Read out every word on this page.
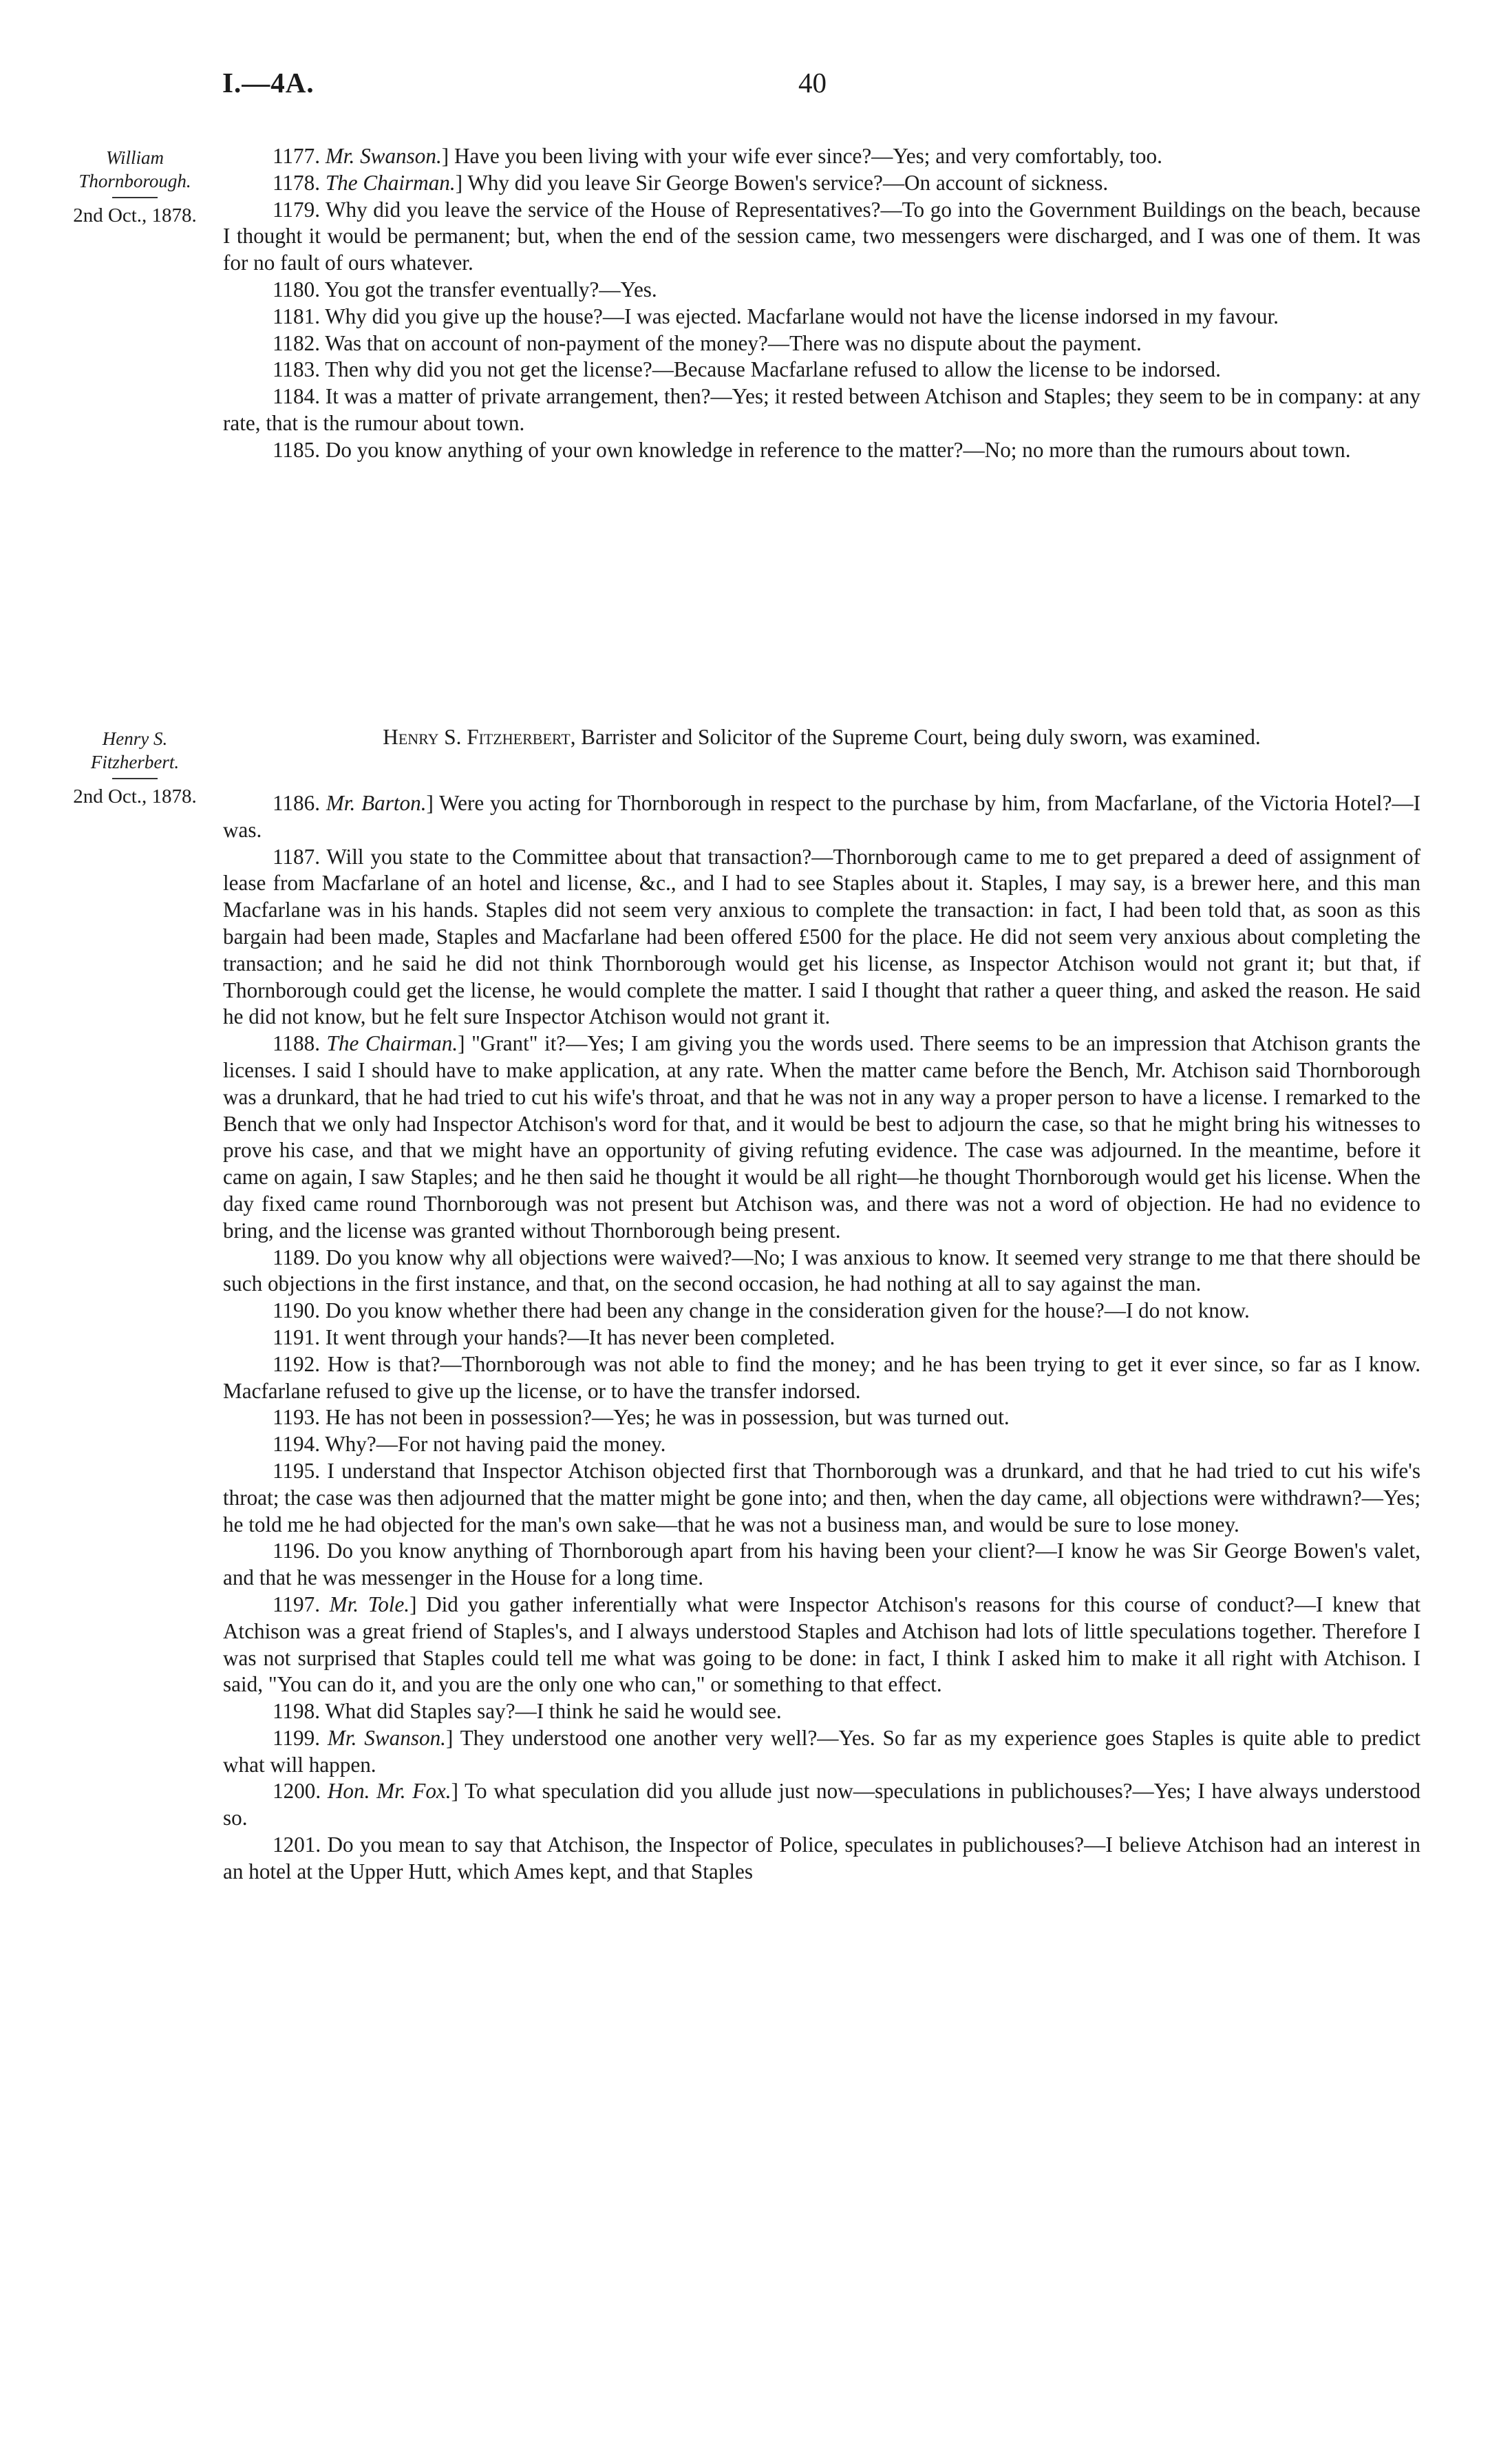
I.—4A.	40
William
Thornborough.
2nd Oct., 1878.
Henry S.
Fitzherbert.
2nd Oct., 1878.

1177. Mr. Swanson.] Have you been living with your wife ever since?—Yes; and very comfortably, too.

1178. The Chairman.] Why did you leave Sir George Bowen's service?—On account of sickness.

1179. Why did you leave the service of the House of Representatives?—To go into the Government Buildings on the beach, because I thought it would be permanent; but, when the end of the session came, two messengers were discharged, and I was one of them. It was for no fault of ours whatever.

1180. You got the transfer eventually?—Yes.

1181. Why did you give up the house?—I was ejected. Macfarlane would not have the license indorsed in my favour.

1182. Was that on account of non-payment of the money?—There was no dispute about the payment.

1183. Then why did you not get the license?—Because Macfarlane refused to allow the license to be indorsed.

1184. It was a matter of private arrangement, then?—Yes; it rested between Atchison and Staples; they seem to be in company: at any rate, that is the rumour about town.

1185. Do you know anything of your own knowledge in reference to the matter?—No; no more than the rumours about town.

Henry S. Fitzherbert, Barrister and Solicitor of the Supreme Court, being duly sworn, was examined.

1186. Mr. Barton.] Were you acting for Thornborough in respect to the purchase by him, from Macfarlane, of the Victoria Hotel?—I was.

1187. Will you state to the Committee about that transaction?—Thornborough came to me to get prepared a deed of assignment of lease from Macfarlane of an hotel and license, &c., and I had to see Staples about it. Staples, I may say, is a brewer here, and this man Macfarlane was in his hands. Staples did not seem very anxious to complete the transaction: in fact, I had been told that, as soon as this bargain had been made, Staples and Macfarlane had been offered £500 for the place. He did not seem very anxious about completing the transaction; and he said he did not think Thornborough would get his license, as Inspector Atchison would not grant it; but that, if Thornborough could get the license, he would complete the matter. I said I thought that rather a queer thing, and asked the reason. He said he did not know, but he felt sure Inspector Atchison would not grant it.

1188. The Chairman.] "Grant" it?—Yes; I am giving you the words used. There seems to be an impression that Atchison grants the licenses. I said I should have to make application, at any rate. When the matter came before the Bench, Mr. Atchison said Thornborough was a drunkard, that he had tried to cut his wife's throat, and that he was not in any way a proper person to have a license. I remarked to the Bench that we only had Inspector Atchison's word for that, and it would be best to adjourn the case, so that he might bring his witnesses to prove his case, and that we might have an opportunity of giving refuting evidence. The case was adjourned. In the meantime, before it came on again, I saw Staples; and he then said he thought it would be all right—he thought Thornborough would get his license. When the day fixed came round Thornborough was not present but Atchison was, and there was not a word of objection. He had no evidence to bring, and the license was granted without Thornborough being present.

1189. Do you know why all objections were waived?—No; I was anxious to know. It seemed very strange to me that there should be such objections in the first instance, and that, on the second occasion, he had nothing at all to say against the man.

1190. Do you know whether there had been any change in the consideration given for the house?—I do not know.

1191. It went through your hands?—It has never been completed.

1192. How is that?—Thornborough was not able to find the money; and he has been trying to get it ever since, so far as I know. Macfarlane refused to give up the license, or to have the transfer indorsed.

1193. He has not been in possession?—Yes; he was in possession, but was turned out.

1194. Why?—For not having paid the money.

1195. I understand that Inspector Atchison objected first that Thornborough was a drunkard, and that he had tried to cut his wife's throat; the case was then adjourned that the matter might be gone into; and then, when the day came, all objections were withdrawn?—Yes; he told me he had objected for the man's own sake—that he was not a business man, and would be sure to lose money.

1196. Do you know anything of Thornborough apart from his having been your client?—I know he was Sir George Bowen's valet, and that he was messenger in the House for a long time.

1197. Mr. Tole.] Did you gather inferentially what were Inspector Atchison's reasons for this course of conduct?—I knew that Atchison was a great friend of Staples's, and I always understood Staples and Atchison had lots of little speculations together. Therefore I was not surprised that Staples could tell me what was going to be done: in fact, I think I asked him to make it all right with Atchison. I said, "You can do it, and you are the only one who can," or something to that effect.

1198. What did Staples say?—I think he said he would see.

1199. Mr. Swanson.] They understood one another very well?—Yes. So far as my experience goes Staples is quite able to predict what will happen.

1200. Hon. Mr. Fox.] To what speculation did you allude just now—speculations in publichouses?—Yes; I have always understood so.

1201. Do you mean to say that Atchison, the Inspector of Police, speculates in publichouses?—I believe Atchison had an interest in an hotel at the Upper Hutt, which Ames kept, and that Staples
